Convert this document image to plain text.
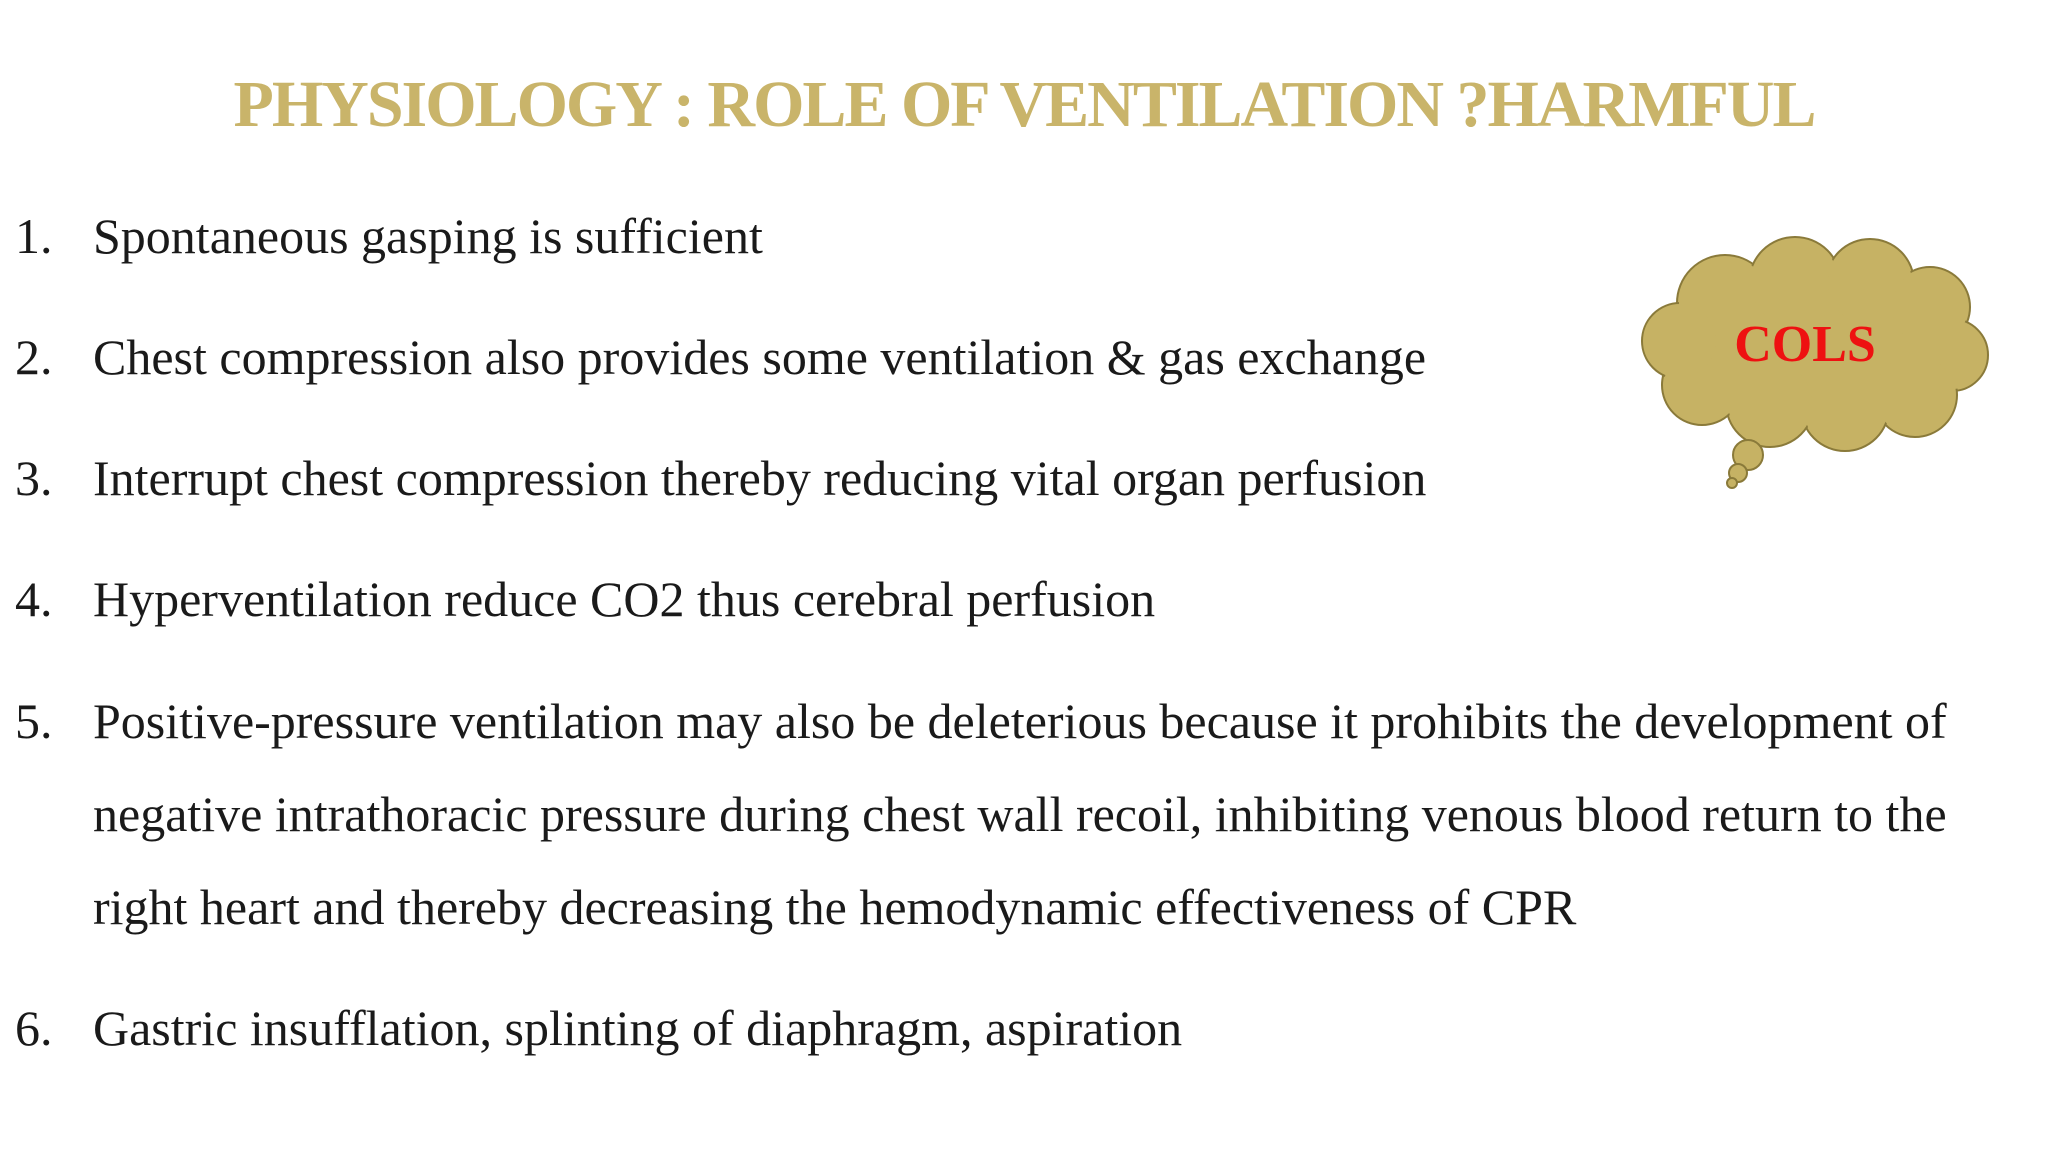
PHYSIOLOGY : ROLE OF VENTILATION ?HARMFUL
1. Spontaneous gasping is sufficient
2. Chest compression also provides some ventilation & gas exchange
3. Interrupt chest compression thereby reducing vital organ perfusion
4. Hyperventilation reduce CO2 thus cerebral perfusion
5. Positive-pressure ventilation may also be deleterious because it prohibits the development of negative intrathoracic pressure during chest wall recoil, inhibiting venous blood return to the right heart and thereby decreasing the hemodynamic effectiveness of CPR
6. Gastric insufflation, splinting of diaphragm, aspiration
COLS
